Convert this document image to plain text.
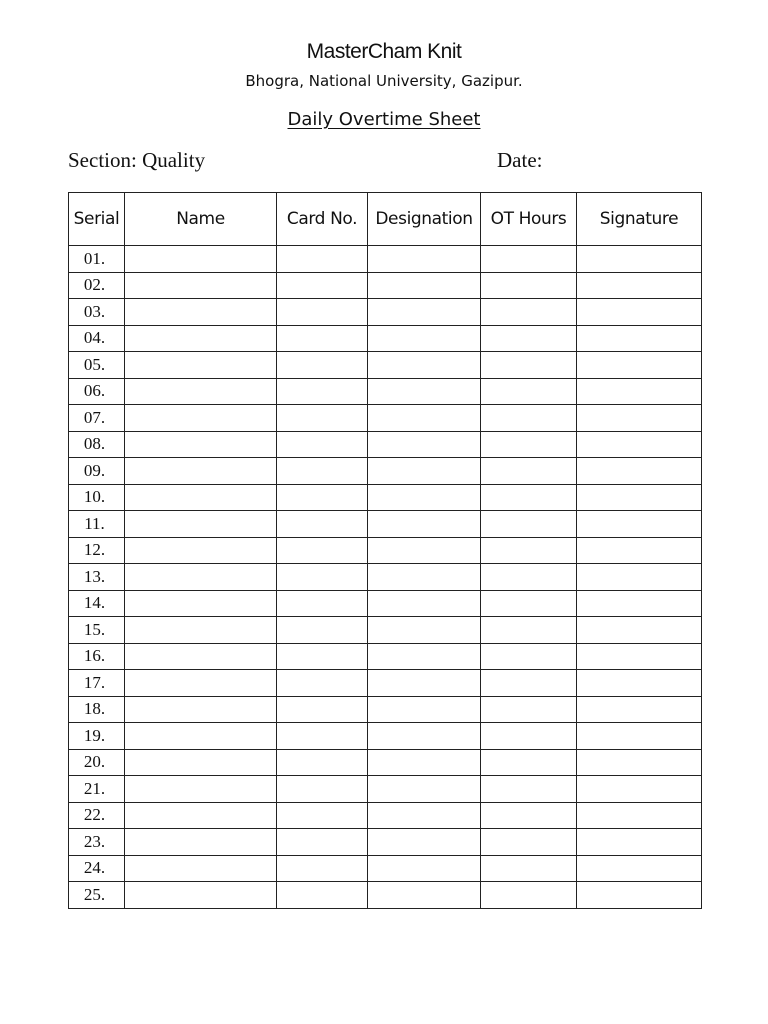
MasterCham Knit
Bhogra, National University, Gazipur.
Daily Overtime Sheet
Section: Quality	Date:
Serial	Name	Card No.	Designation	OT Hours	Signature
01.					
02.					
03.					
04.					
05.					
06.					
07.					
08.					
09.					
10.					
11.					
12.					
13.					
14.					
15.					
16.					
17.					
18.					
19.					
20.					
21.					
22.					
23.					
24.					
25.					
